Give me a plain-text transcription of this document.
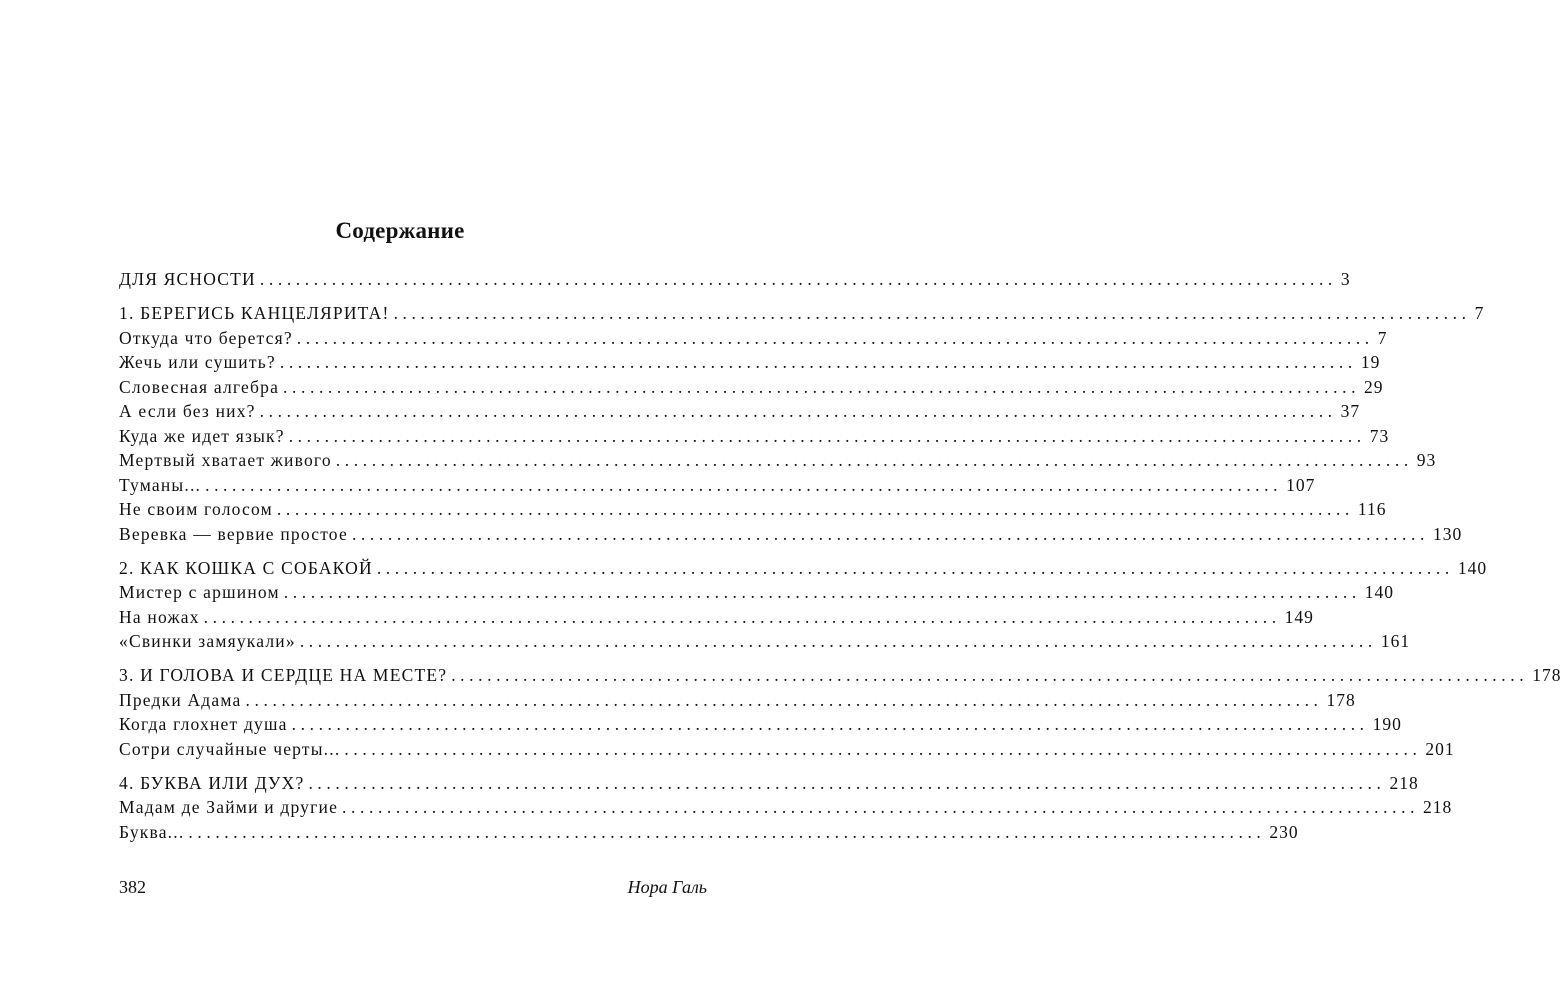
Содержание
ДЛЯ ЯСНОСТИ ........................................................................................................................ 3
1. БЕРЕГИСЬ КАНЦЕЛЯРИТА! ........................................................................................................................ 7
Откуда что берется? ........................................................................................................................ 7
Жечь или сушить? ........................................................................................................................ 19
Словесная алгебра ........................................................................................................................ 29
А если без них? ........................................................................................................................ 37
Куда же идет язык? ........................................................................................................................ 73
Мертвый хватает живого ........................................................................................................................ 93
Туманы... ........................................................................................................................ 107
Не своим голосом ........................................................................................................................ 116
Веревка — вервие простое ........................................................................................................................ 130
2. КАК КОШКА С СОБАКОЙ ........................................................................................................................ 140
Мистер с аршином ........................................................................................................................ 140
На ножах ........................................................................................................................ 149
«Свинки замяукали» ........................................................................................................................ 161
3. И ГОЛОВА И СЕРДЦЕ НА МЕСТЕ? ........................................................................................................................ 178
Предки Адама ........................................................................................................................ 178
Когда глохнет душа ........................................................................................................................ 190
Сотри случайные черты... ........................................................................................................................ 201
4. БУКВА ИЛИ ДУХ? ........................................................................................................................ 218
Мадам де Займи и другие ........................................................................................................................ 218
Буква... ........................................................................................................................ 230
382	Нора Галь
